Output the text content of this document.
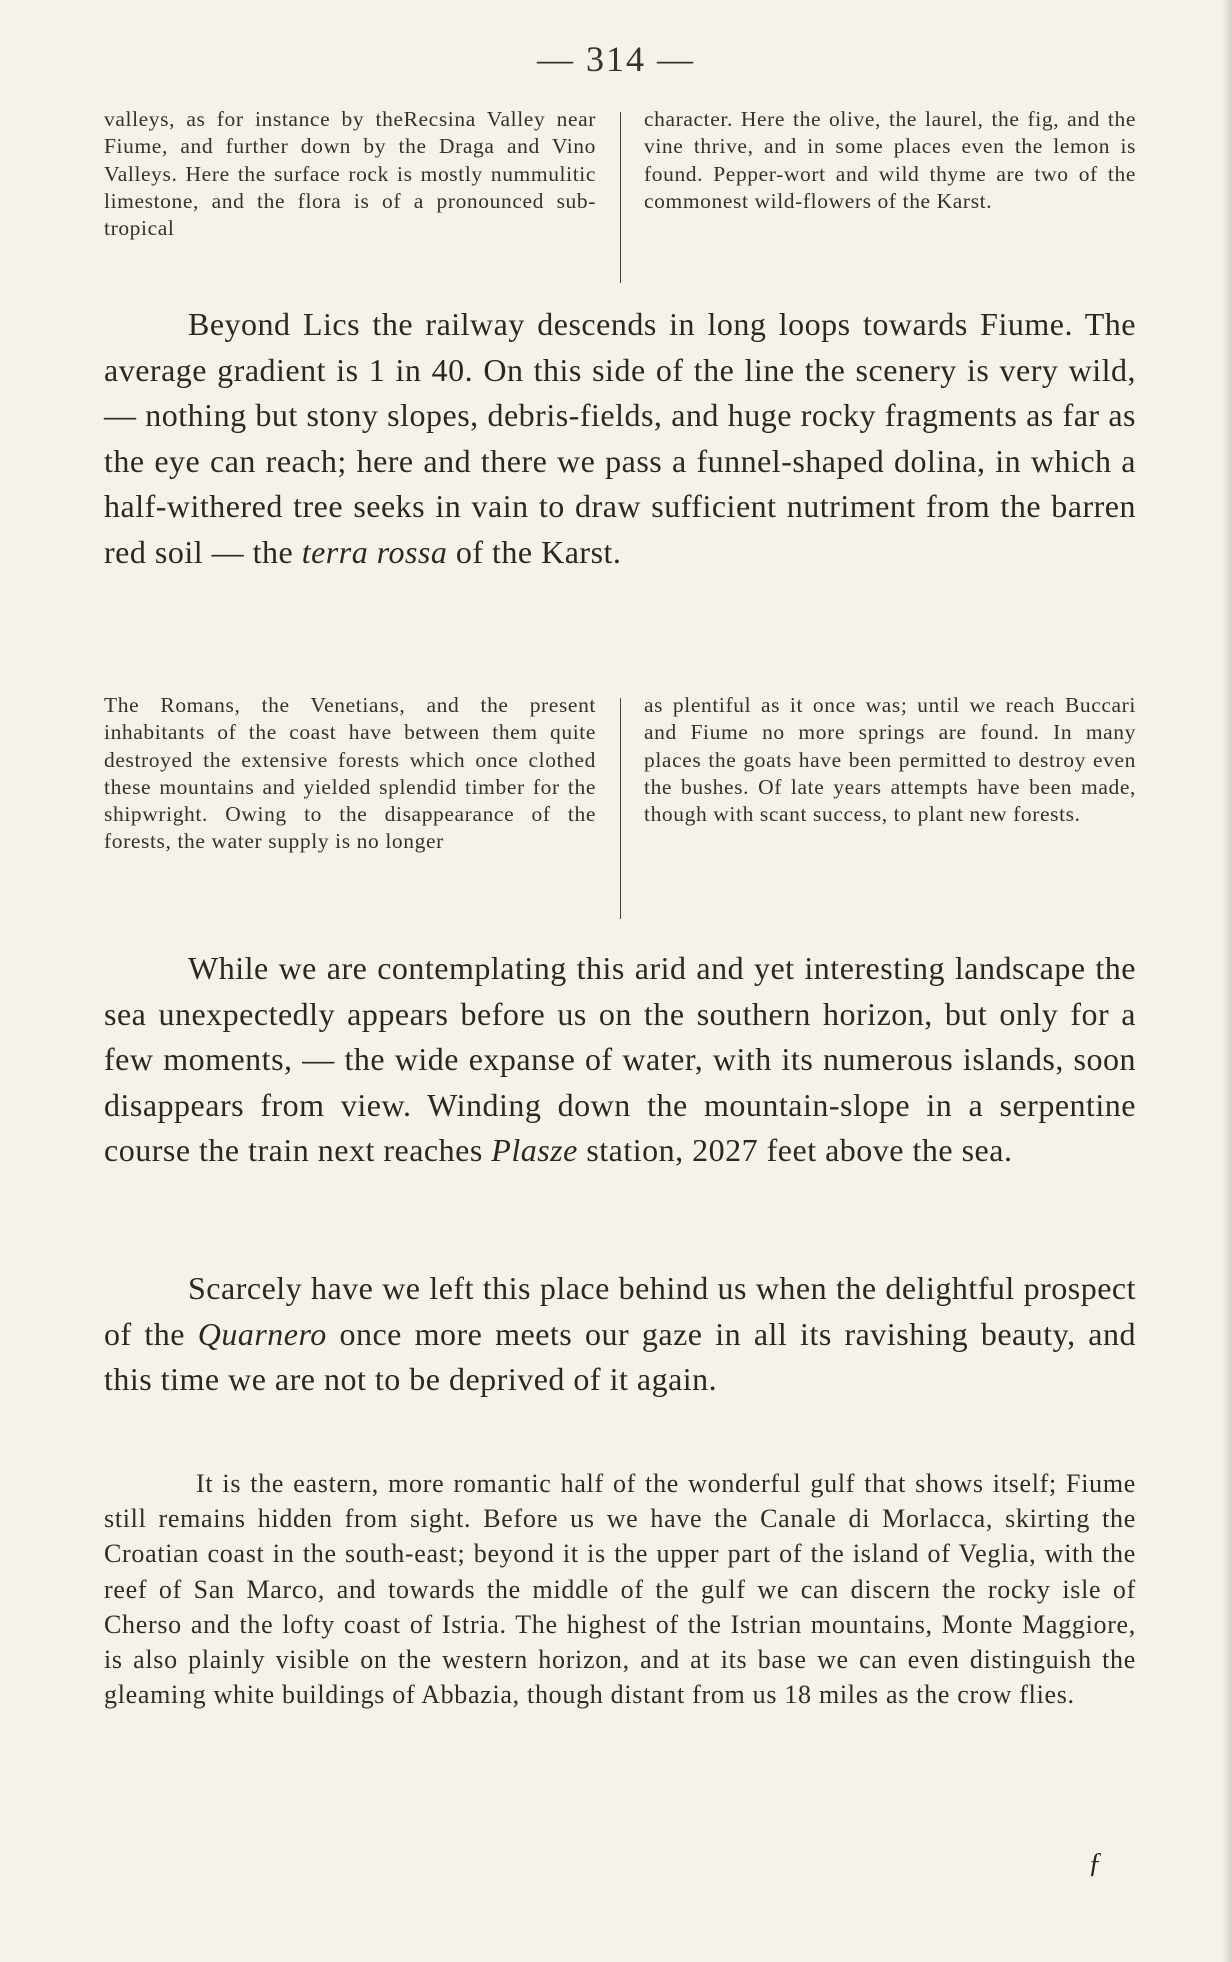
— 314 —
valleys, as for instance by theRecsina Valley near Fiume, and further down by the Draga and Vino Valleys. Here the surface rock is mostly nummulitic limestone, and the flora is of a pronounced sub-tropical
character. Here the olive, the laurel, the fig, and the vine thrive, and in some places even the lemon is found. Pepper-wort and wild thyme are two of the commonest wild-flowers of the Karst.
Beyond Lics the railway descends in long loops towards Fiume. The average gradient is 1 in 40. On this side of the line the scenery is very wild, — nothing but stony slopes, debris-fields, and huge rocky fragments as far as the eye can reach; here and there we pass a funnel-shaped dolina, in which a half-withered tree seeks in vain to draw sufficient nutriment from the barren red soil — the terra rossa of the Karst.
The Romans, the Venetians, and the present inhabitants of the coast have between them quite destroyed the extensive forests which once clothed these mountains and yielded splendid timber for the shipwright. Owing to the disappearance of the forests, the water supply is no longer
as plentiful as it once was; until we reach Buccari and Fiume no more springs are found. In many places the goats have been permitted to destroy even the bushes. Of late years attempts have been made, though with scant success, to plant new forests.
While we are contemplating this arid and yet interesting landscape the sea unexpectedly appears before us on the southern horizon, but only for a few moments, — the wide expanse of water, with its numerous islands, soon disappears from view. Winding down the mountain-slope in a serpentine course the train next reaches Plasze station, 2027 feet above the sea.
Scarcely have we left this place behind us when the delightful prospect of the Quarnero once more meets our gaze in all its ravishing beauty, and this time we are not to be deprived of it again.
It is the eastern, more romantic half of the wonderful gulf that shows itself; Fiume still remains hidden from sight. Before us we have the Canale di Morlacca, skirting the Croatian coast in the south-east; beyond it is the upper part of the island of Veglia, with the reef of San Marco, and towards the middle of the gulf we can discern the rocky isle of Cherso and the lofty coast of Istria. The highest of the Istrian mountains, Monte Maggiore, is also plainly visible on the western horizon, and at its base we can even distinguish the gleaming white buildings of Abbazia, though distant from us 18 miles as the crow flies.
ƒ
